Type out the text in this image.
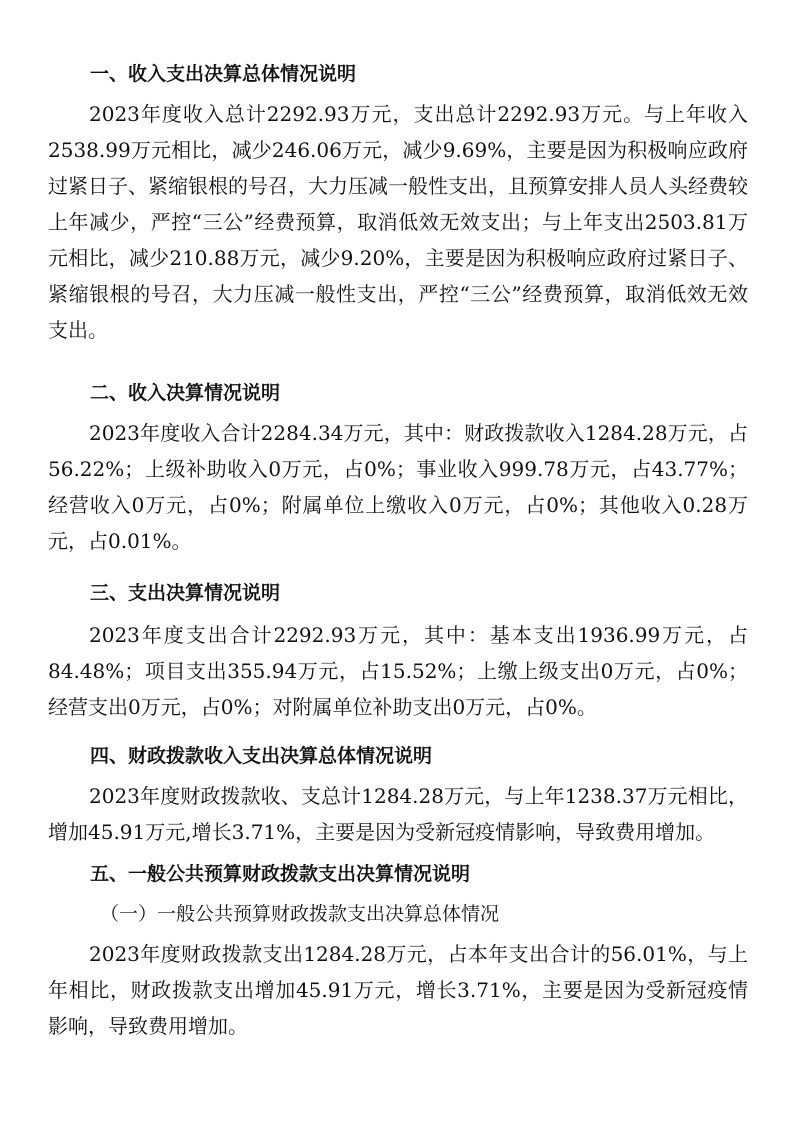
一、收入支出决算总体情况说明

2023年度收入总计2292.93万元，支出总计2292.93万元。与上年收入2538.99万元相比，减少246.06万元，减少9.69%，主要是因为积极响应政府过紧日子、紧缩银根的号召，大力压减一般性支出，且预算安排人员人头经费较上年减少，严控“三公”经费预算，取消低效无效支出；与上年支出2503.81万元相比，减少210.88万元，减少9.20%，主要是因为积极响应政府过紧日子、紧缩银根的号召，大力压减一般性支出，严控“三公”经费预算，取消低效无效支出。

二、收入决算情况说明

2023年度收入合计2284.34万元，其中：财政拨款收入1284.28万元，占56.22%；上级补助收入0万元，占0%；事业收入999.78万元，占43.77%；经营收入0万元，占0%；附属单位上缴收入0万元，占0%；其他收入0.28万元，占0.01%。

三、支出决算情况说明

2023年度支出合计2292.93万元，其中：基本支出1936.99万元，占84.48%；项目支出355.94万元，占15.52%；上缴上级支出0万元，占0%；经营支出0万元，占0%；对附属单位补助支出0万元，占0%。

四、财政拨款收入支出决算总体情况说明

2023年度财政拨款收、支总计1284.28万元，与上年1238.37万元相比，增加45.91万元,增长3.71%，主要是因为受新冠疫情影响，导致费用增加。

五、一般公共预算财政拨款支出决算情况说明
（一）一般公共预算财政拨款支出决算总体情况

2023年度财政拨款支出1284.28万元，占本年支出合计的56.01%，与上年相比，财政拨款支出增加45.91万元，增长3.71%，主要是因为受新冠疫情影响，导致费用增加。
